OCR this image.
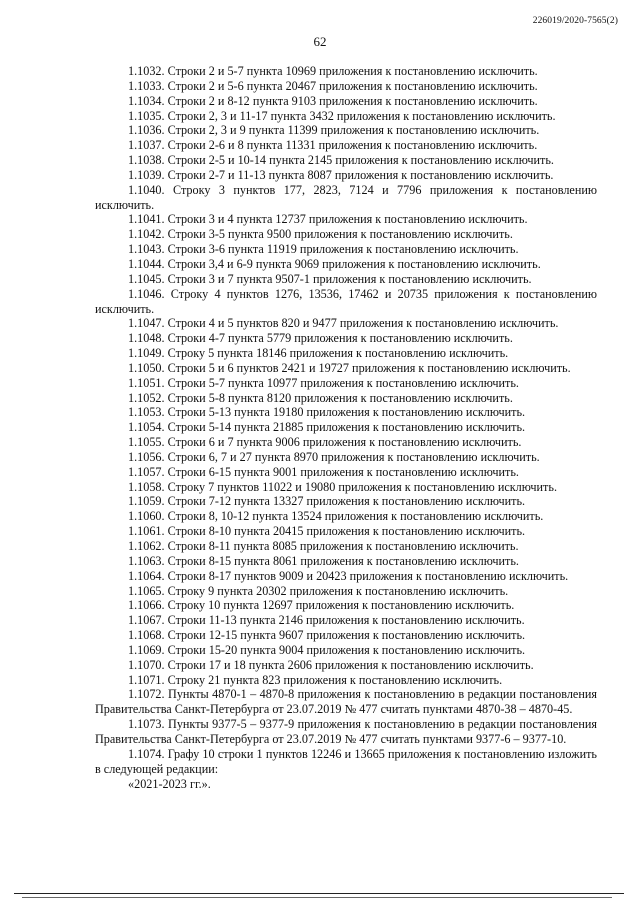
226019/2020-7565(2)
62
1.1032. Строки 2 и 5-7 пункта 10969 приложения к постановлению исключить.
1.1033. Строки 2 и 5-6 пункта 20467 приложения к постановлению исключить.
1.1034. Строки 2 и 8-12 пункта 9103 приложения к постановлению исключить.
1.1035. Строки 2, 3 и 11-17 пункта 3432 приложения к постановлению исключить.
1.1036. Строки 2, 3 и 9 пункта 11399 приложения к постановлению исключить.
1.1037. Строки 2-6 и 8 пункта 11331 приложения к постановлению исключить.
1.1038. Строки 2-5 и 10-14 пункта 2145 приложения к постановлению исключить.
1.1039. Строки 2-7 и 11-13 пункта 8087 приложения к постановлению исключить.
1.1040. Строку 3 пунктов 177, 2823, 7124 и 7796 приложения к постановлению исключить.
1.1041. Строки 3 и 4 пункта 12737 приложения к постановлению исключить.
1.1042. Строки 3-5 пункта 9500 приложения к постановлению исключить.
1.1043. Строки 3-6 пункта 11919 приложения к постановлению исключить.
1.1044. Строки 3,4 и 6-9 пункта 9069 приложения к постановлению исключить.
1.1045. Строки 3 и 7 пункта 9507-1 приложения к постановлению исключить.
1.1046. Строку 4 пунктов 1276, 13536, 17462 и 20735 приложения к постановлению исключить.
1.1047. Строки 4 и 5 пунктов 820 и 9477 приложения к постановлению исключить.
1.1048. Строки 4-7 пункта 5779 приложения к постановлению исключить.
1.1049. Строку 5 пункта 18146 приложения к постановлению исключить.
1.1050. Строки 5 и 6 пунктов 2421 и 19727 приложения к постановлению исключить.
1.1051. Строки 5-7 пункта 10977 приложения к постановлению исключить.
1.1052. Строки 5-8 пункта 8120 приложения к постановлению исключить.
1.1053. Строки 5-13 пункта 19180 приложения к постановлению исключить.
1.1054. Строки 5-14 пункта 21885 приложения к постановлению исключить.
1.1055. Строки 6 и 7 пункта 9006 приложения к постановлению исключить.
1.1056. Строки 6, 7 и 27 пункта 8970 приложения к постановлению исключить.
1.1057. Строки 6-15 пункта 9001 приложения к постановлению исключить.
1.1058. Строку 7 пунктов 11022 и 19080 приложения к постановлению исключить.
1.1059. Строки 7-12 пункта 13327 приложения к постановлению исключить.
1.1060. Строки 8, 10-12 пункта 13524 приложения к постановлению исключить.
1.1061. Строки 8-10 пункта 20415 приложения к постановлению исключить.
1.1062. Строки 8-11 пункта 8085 приложения к постановлению исключить.
1.1063. Строки 8-15 пункта 8061 приложения к постановлению исключить.
1.1064. Строки 8-17 пунктов 9009 и 20423 приложения к постановлению исключить.
1.1065. Строку 9 пункта 20302 приложения к постановлению исключить.
1.1066. Строку 10 пункта 12697 приложения к постановлению исключить.
1.1067. Строки 11-13 пункта 2146 приложения к постановлению исключить.
1.1068. Строки 12-15 пункта 9607 приложения к постановлению исключить.
1.1069. Строки 15-20 пункта 9004 приложения к постановлению исключить.
1.1070. Строки 17 и 18 пункта 2606 приложения к постановлению исключить.
1.1071. Строку 21 пункта 823 приложения к постановлению исключить.
1.1072. Пункты 4870-1 – 4870-8 приложения к постановлению в редакции постановления Правительства Санкт-Петербурга от 23.07.2019 № 477 считать пунктами 4870-38 – 4870-45.
1.1073. Пункты 9377-5 – 9377-9 приложения к постановлению в редакции постановления Правительства Санкт-Петербурга от 23.07.2019 № 477 считать пунктами 9377-6 – 9377-10.
1.1074. Графу 10 строки 1 пунктов 12246 и 13665 приложения к постановлению изложить в следующей редакции:
«2021-2023 гг.».
